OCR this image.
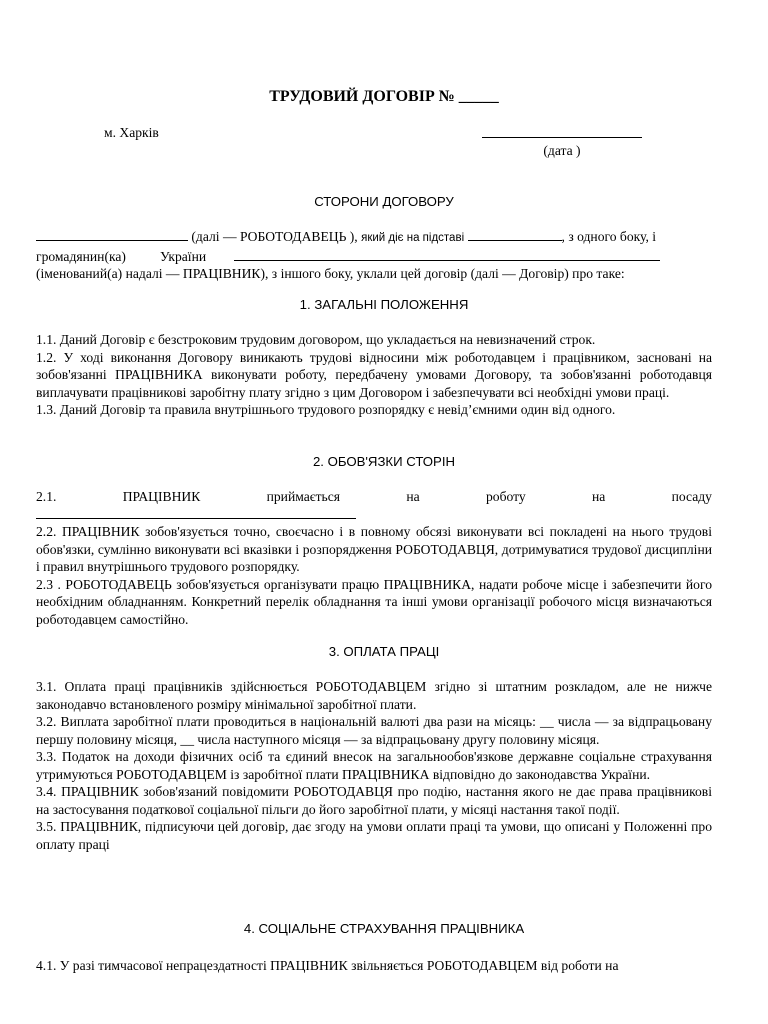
ТРУДОВИЙ ДОГОВІР № _____
м. Харків
(дата )
СТОРОНИ ДОГОВОРУ
(далі — РОБОТОДАВЕЦЬ ), який діє на підставі	, з одного боку, і
громадянин(ка)	України
(іменований(а) надалі — ПРАЦІВНИК), з іншого боку, уклали цей договір (далі — Договір) про таке:
1. ЗАГАЛЬНІ ПОЛОЖЕННЯ
1.1. Даний Договір є безстроковим трудовим договором, що укладається на невизначений строк.
1.2. У ході виконання Договору виникають трудові відносини між роботодавцем і працівником, засновані на зобов'язанні ПРАЦІВНИКА виконувати роботу, передбачену умовами Договору, та зобов'язанні роботодавця виплачувати працівникові заробітну плату згідно з цим Договором і забезпечувати всі необхідні умови праці.
1.3. Даний Договір та правила внутрішнього трудового розпорядку є невід’ємними один від одного.
2. ОБОВ'ЯЗКИ СТОРІН
2.1.	ПРАЦІВНИК	приймається	на	роботу	на	посаду
2.2. ПРАЦІВНИК зобов'язується точно, своєчасно і в повному обсязі виконувати всі покладені на нього трудові обов'язки, сумлінно виконувати всі вказівки і розпорядження РОБОТОДАВЦЯ, дотримуватися трудової дисципліни і правил внутрішнього трудового розпорядку.
2.3 . РОБОТОДАВЕЦЬ зобов'язується організувати працю ПРАЦІВНИКА, надати робоче місце і забезпечити його необхідним обладнанням. Конкретний перелік обладнання та інші умови організації робочого місця визначаються роботодавцем самостійно.
3. ОПЛАТА ПРАЦІ
3.1. Оплата праці працівників здійснюється РОБОТОДАВЦЕМ згідно зі штатним розкладом, але не нижче законодавчо встановленого розміру мінімальної заробітної плати.
3.2. Виплата заробітної плати проводиться в національній валюті два рази на місяць: __ числа — за відпрацьовану першу половину місяця, __ числа наступного місяця — за відпрацьовану другу половину місяця.
3.3. Податок на доходи фізичних осіб та єдиний внесок на загальнообов'язкове державне соціальне страхування утримуються РОБОТОДАВЦЕМ із заробітної плати ПРАЦІВНИКА відповідно до законодавства України.
3.4. ПРАЦІВНИК зобов'язаний повідомити РОБОТОДАВЦЯ про подію, настання якого не дає права працівникові на застосування податкової соціальної пільги до його заробітної плати, у місяці настання такої події.
3.5. ПРАЦІВНИК, підписуючи цей договір, дає згоду на умови оплати праці та умови, що описані у Положенні про оплату праці
4. СОЦІАЛЬНЕ СТРАХУВАННЯ ПРАЦІВНИКА
4.1. У разі тимчасової непрацездатності ПРАЦІВНИК звільняється РОБОТОДАВЦЕМ від роботи на
